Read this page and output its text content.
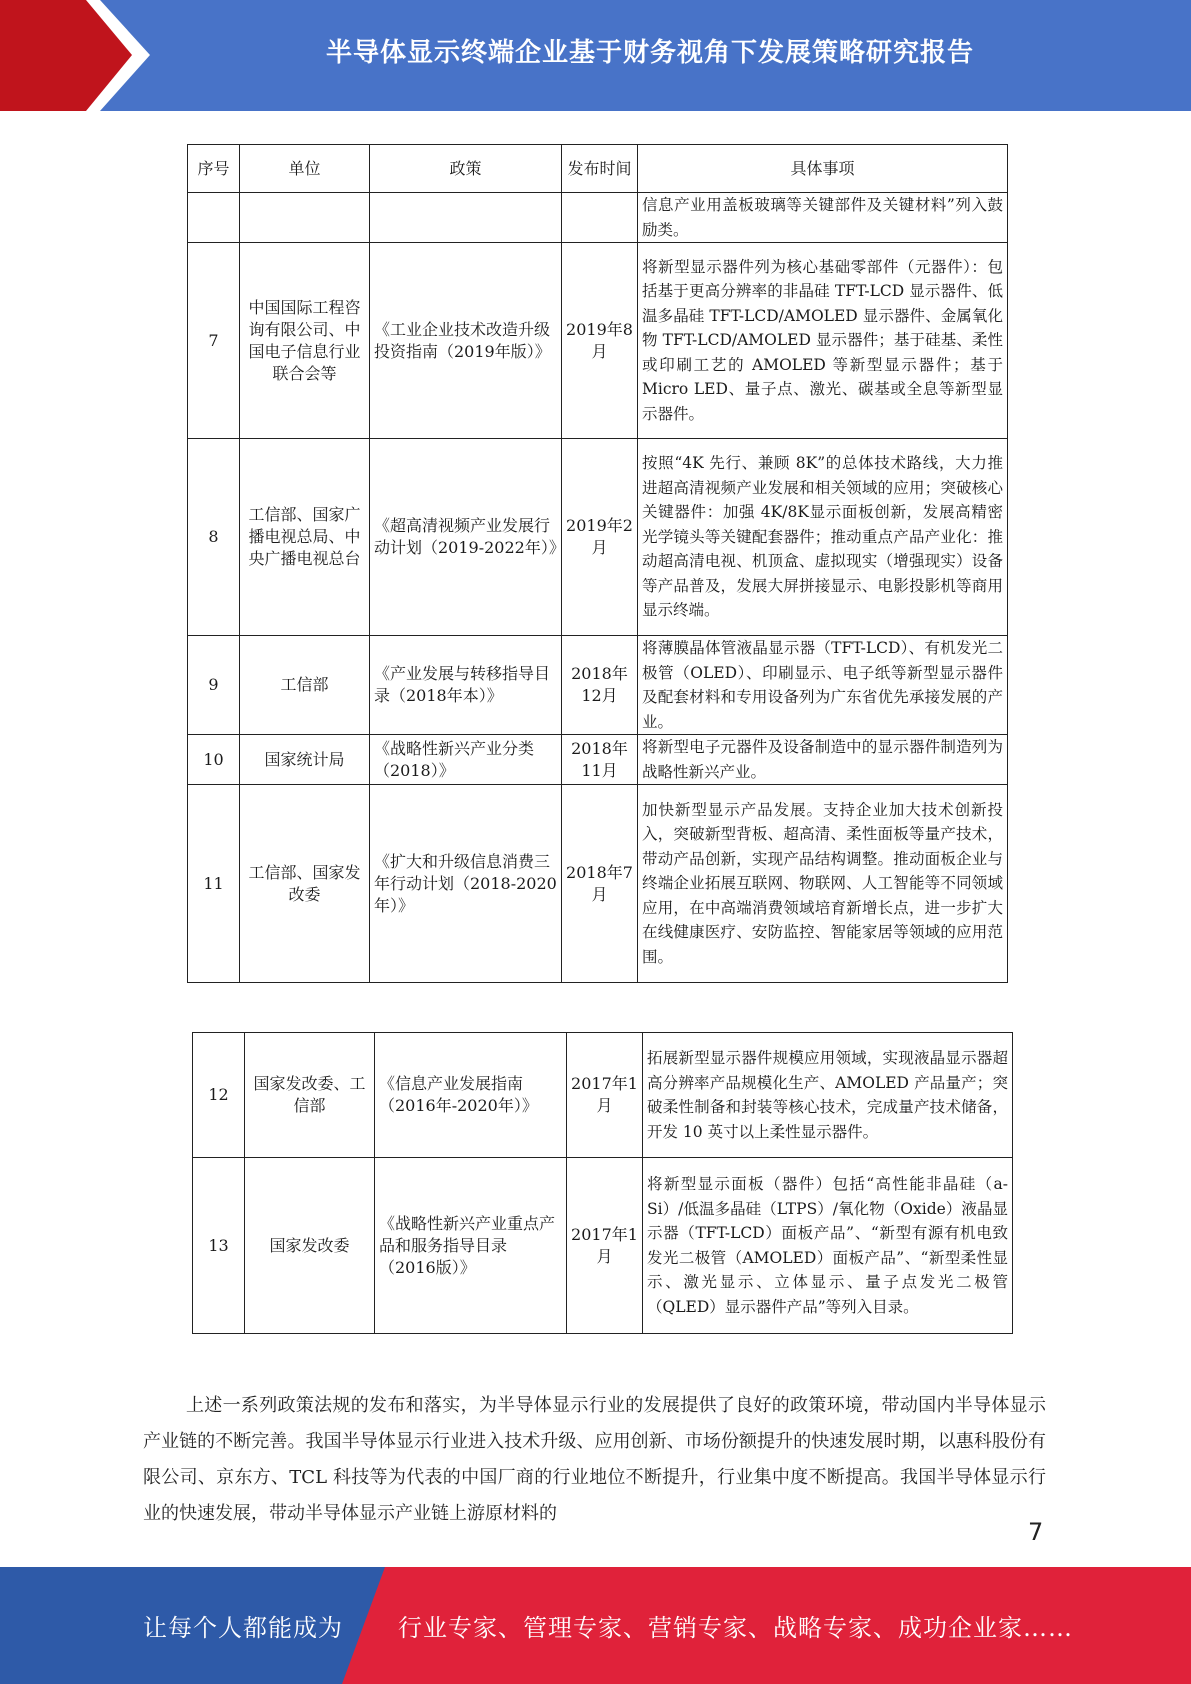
半导体显示终端企业基于财务视角下发展策略研究报告
序号	单位	政策	发布时间	具体事项
				信息产业用盖板玻璃等关键部件及关键材料”列入鼓励类。
7	中国国际工程咨询有限公司、中国电子信息行业联合会等	《工业企业技术改造升级投资指南（2019年版）》	2019年8月	将新型显示器件列为核心基础零部件（元器件）：包括基于更高分辨率的非晶硅 TFT-LCD 显示器件、低温多晶硅 TFT-LCD/AMOLED 显示器件、金属氧化物 TFT-LCD/AMOLED 显示器件；基于硅基、柔性或印刷工艺的 AMOLED 等新型显示器件；基于 Micro LED、量子点、激光、碳基或全息等新型显示器件。
8	工信部、国家广播电视总局、中央广播电视总台	《超高清视频产业发展行动计划（2019-2022年）》	2019年2月	按照“4K 先行、兼顾 8K”的总体技术路线，大力推进超高清视频产业发展和相关领域的应用；突破核心关键器件：加强 4K/8K显示面板创新，发展高精密光学镜头等关键配套器件；推动重点产品产业化：推动超高清电视、机顶盒、虚拟现实（增强现实）设备等产品普及，发展大屏拼接显示、电影投影机等商用显示终端。
9	工信部	《产业发展与转移指导目录（2018年本）》	2018年12月	将薄膜晶体管液晶显示器（TFT-LCD）、有机发光二极管（OLED）、印刷显示、电子纸等新型显示器件及配套材料和专用设备列为广东省优先承接发展的产业。
10	国家统计局	《战略性新兴产业分类（2018）》	2018年11月	将新型电子元器件及设备制造中的显示器件制造列为战略性新兴产业。
11	工信部、国家发改委	《扩大和升级信息消费三年行动计划（2018-2020年）》	2018年7月	加快新型显示产品发展。支持企业加大技术创新投入，突破新型背板、超高清、柔性面板等量产技术，带动产品创新，实现产品结构调整。推动面板企业与终端企业拓展互联网、物联网、人工智能等不同领域应用，在中高端消费领域培育新增长点，进一步扩大在线健康医疗、安防监控、智能家居等领域的应用范围。
12	国家发改委、工信部	《信息产业发展指南（2016年-2020年）》	2017年1月	拓展新型显示器件规模应用领域，实现液晶显示器超高分辨率产品规模化生产、AMOLED 产品量产；突破柔性制备和封装等核心技术，完成量产技术储备，开发 10 英寸以上柔性显示器件。
13	国家发改委	《战略性新兴产业重点产品和服务指导目录（2016版）》	2017年1月	将新型显示面板（器件）包括“高性能非晶硅（a-Si）/低温多晶硅（LTPS）/氧化物（Oxide）液晶显示器（TFT-LCD）面板产品”、“新型有源有机电致发光二极管（AMOLED）面板产品”、“新型柔性显示、激光显示、立体显示、量子点发光二极管（QLED）显示器件产品”等列入目录。

上述一系列政策法规的发布和落实，为半导体显示行业的发展提供了良好的政策环境，带动国内半导体显示产业链的不断完善。我国半导体显示行业进入技术升级、应用创新、市场份额提升的快速发展时期，以惠科股份有限公司、京东方、TCL 科技等为代表的中国厂商的行业地位不断提升，行业集中度不断提高。我国半导体显示行业的快速发展，带动半导体显示产业链上游原材料的

7
让每个人都能成为 行业专家、管理专家、营销专家、战略专家、成功企业家……
